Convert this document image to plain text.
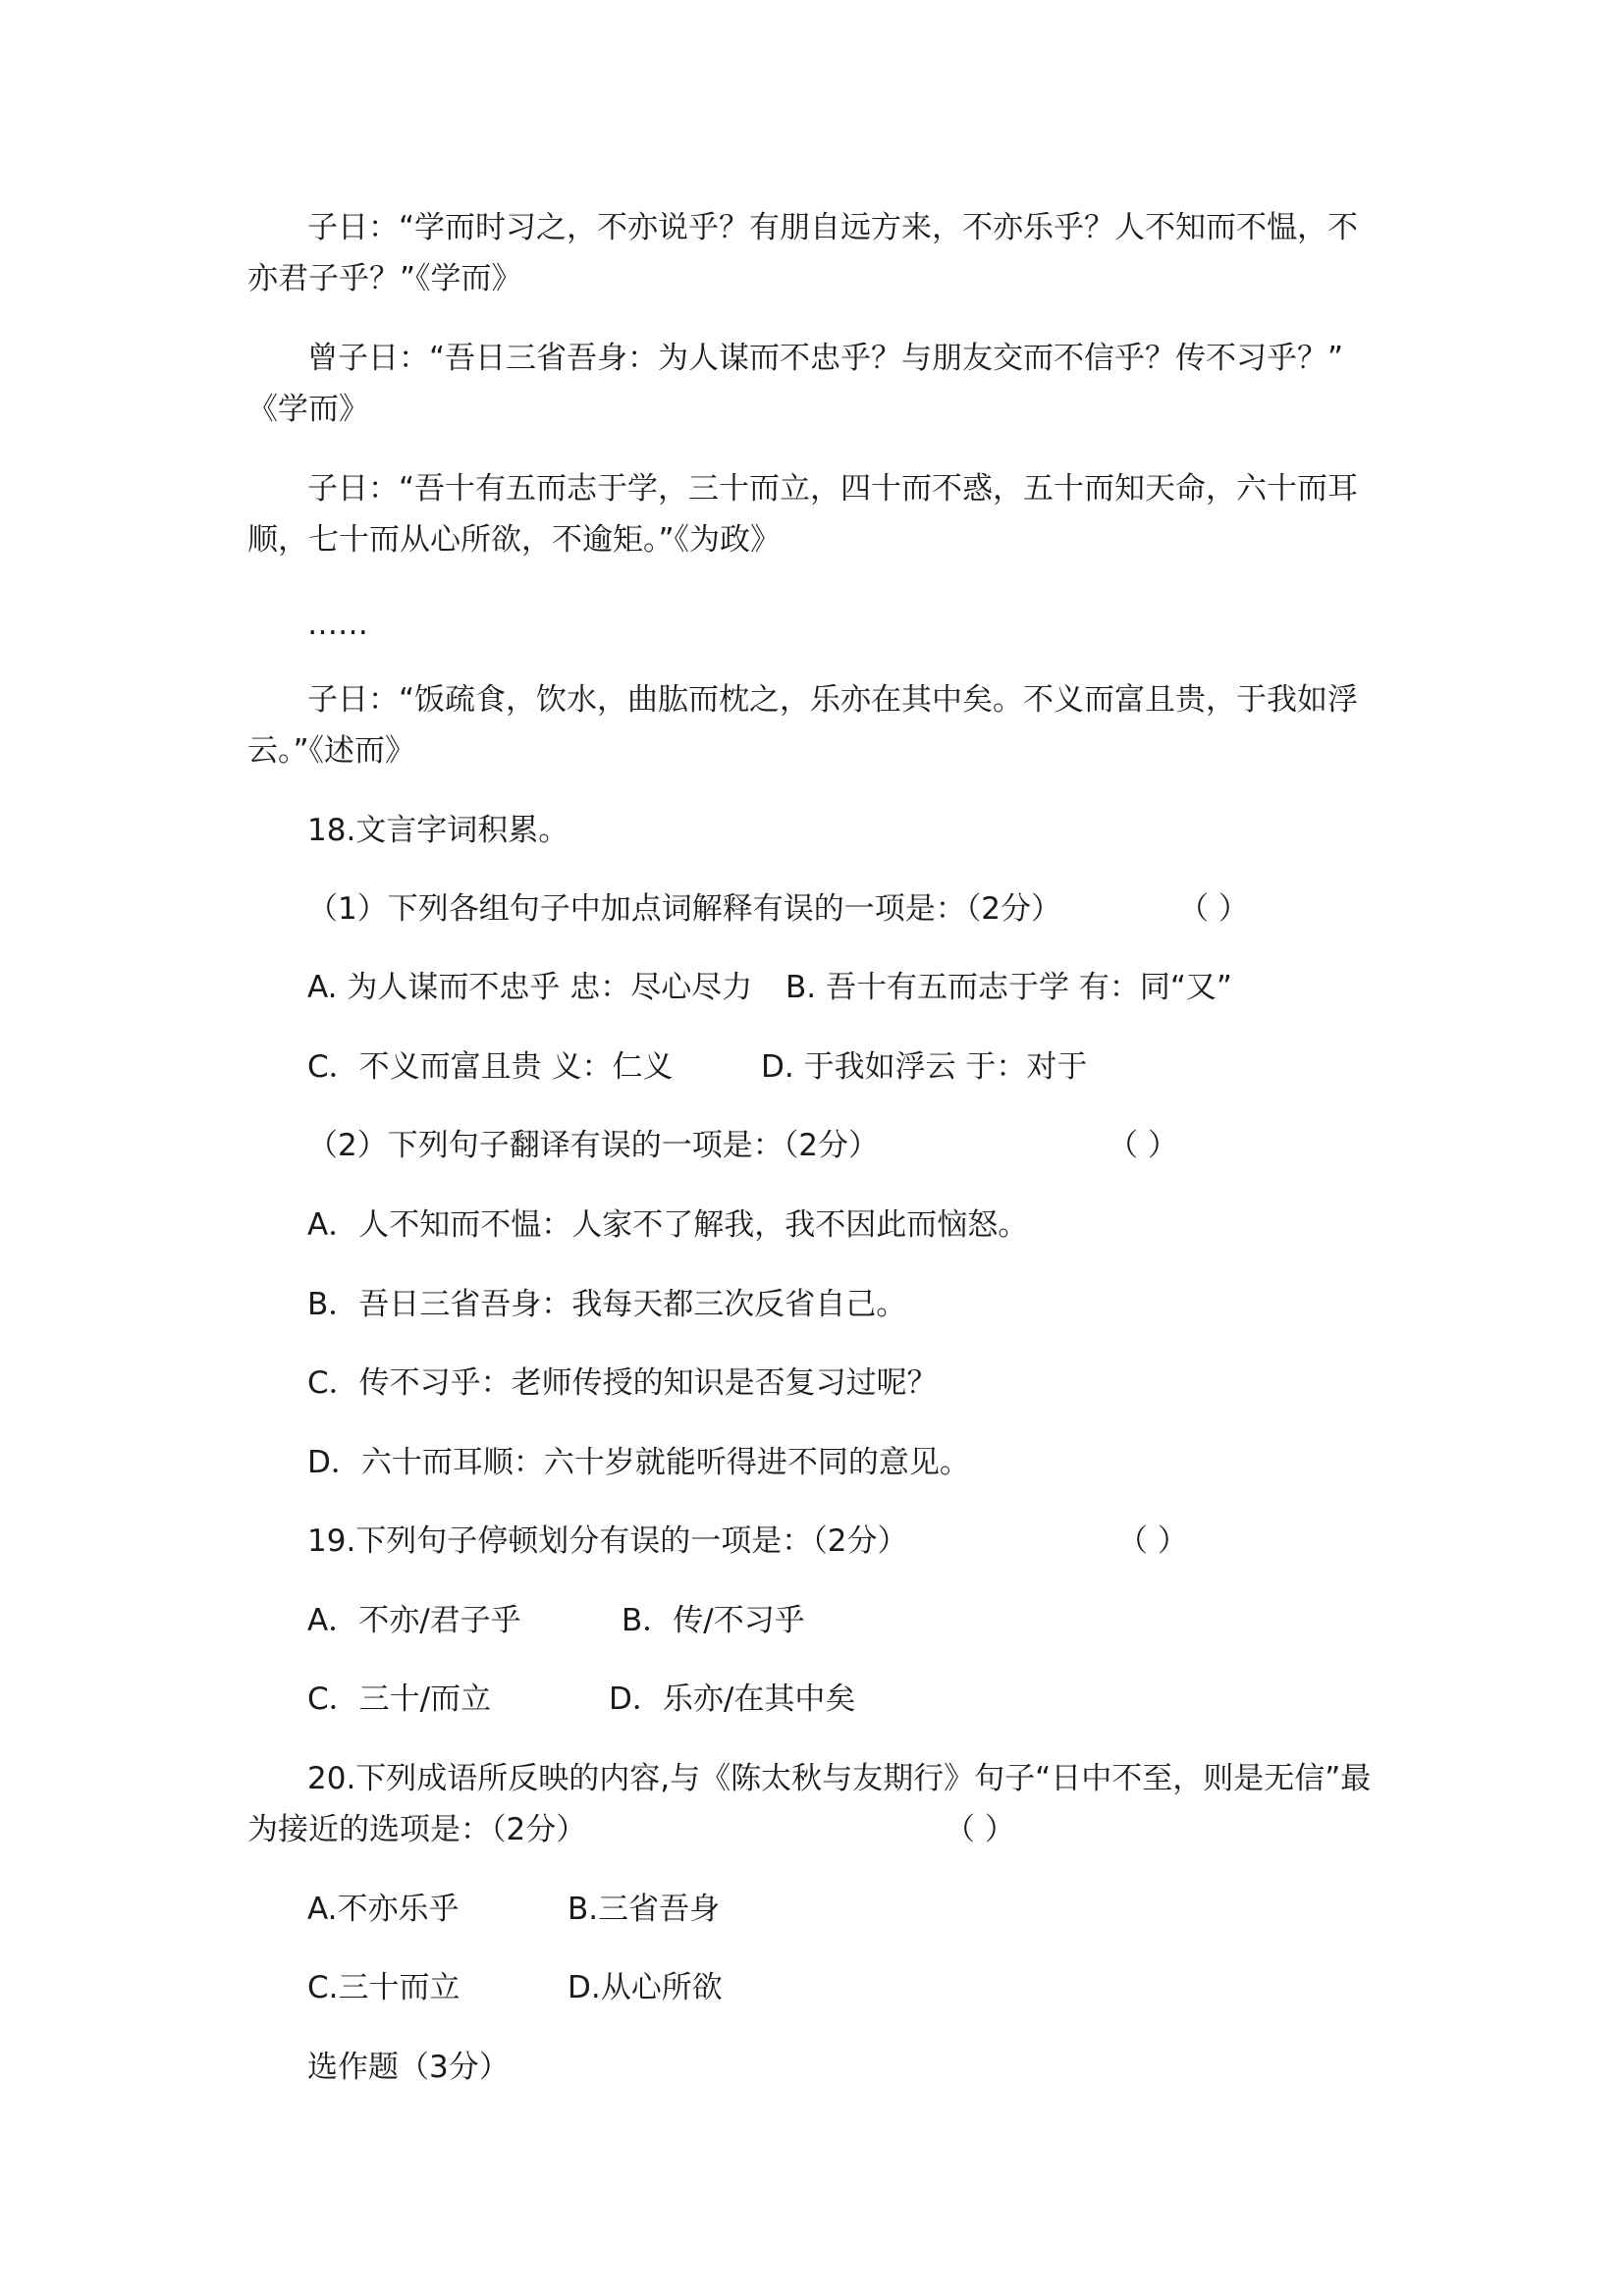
子日：“学而时习之，不亦说乎？有朋自远方来，不亦乐乎？人不知而不愠，不

亦君子乎？”《学而》

曾子日：“吾日三省吾身：为人谋而不忠乎？与朋友交而不信乎？传不习乎？”

《学而》

子日：“吾十有五而志于学，三十而立，四十而不惑，五十而知天命，六十而耳

顺，七十而从心所欲，不逾矩。”《为政》

……

子日：“饭疏食，饮水，曲肱而枕之，乐亦在其中矣。不义而富且贵，于我如浮

云。”《述而》

18.文言字词积累。

（1）下列各组句子中加点词解释有误的一项是：（2分）	（ ）

A. 为人谋而不忠乎 忠：尽心尽力 B. 吾十有五而志于学 有：同“又”

C．不义而富且贵 义：仁义	D. 于我如浮云 于：对于

（2）下列句子翻译有误的一项是：（2分）	（ ）

A．人不知而不愠：人家不了解我，我不因此而恼怒。

B．吾日三省吾身：我每天都三次反省自己。

C．传不习乎：老师传授的知识是否复习过呢？

D．六十而耳顺：六十岁就能听得进不同的意见。

19.下列句子停顿划分有误的一项是：（2分）	（ ）

A．不亦/君子乎	B．传/不习乎

C．三十/而立	D．乐亦/在其中矣

20.下列成语所反映的内容,与《陈太秋与友期行》句子“日中不至，则是无信”最

为接近的选项是：（2分）	（ ）

A.不亦乐乎	B.三省吾身

C.三十而立	D.从心所欲

选作题（3分）
